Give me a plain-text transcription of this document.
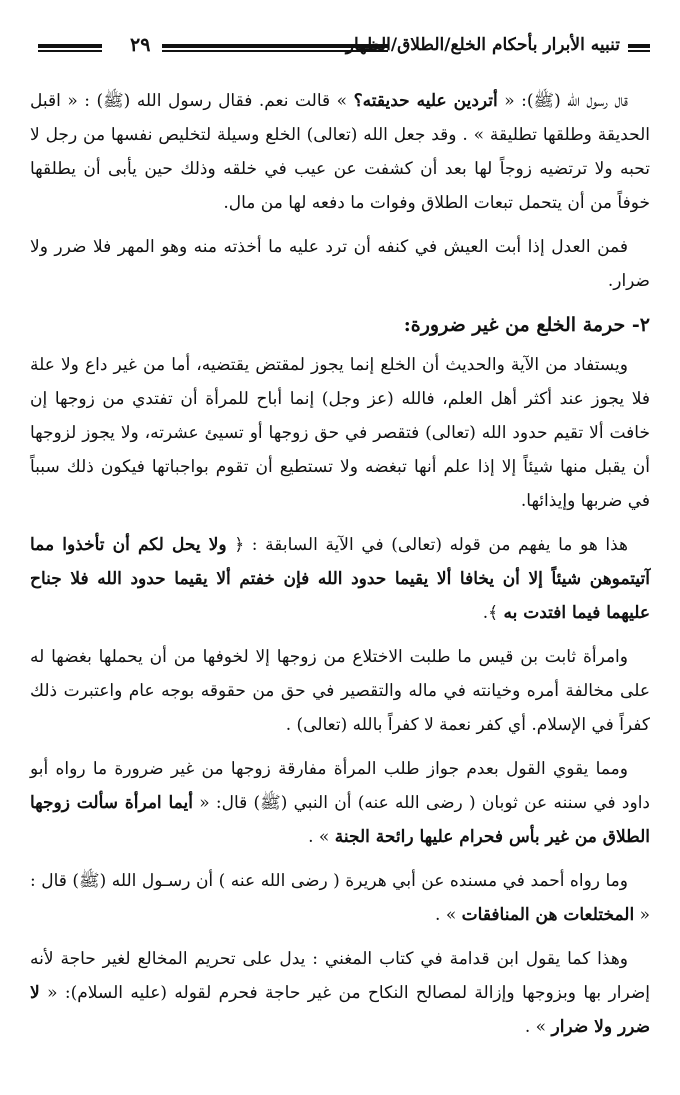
٢٩	تنبيه الأبرار بأحكام الخلع/الطلاق/الظهار

قال رسول الله (ﷺ): « أتردين عليه حديقته؟ » قالت نعم. فقال رسول الله (ﷺ) : « اقبل الحديقة وطلقها تطليقة » . وقد جعل الله (تعالى) الخلع وسيلة لتخليص نفسها من رجل لا تحبه ولا ترتضيه زوجاً لها بعد أن كشفت عن عيب في خلقه وذلك حين يأبى أن يطلقها خوفاً من أن يتحمل تبعات الطلاق وفوات ما دفعه لها من مال.

فمن العدل إذا أبت العيش في كنفه أن ترد عليه ما أخذته منه وهو المهر فلا ضرر ولا ضرار.

٢- حرمة الخلع من غير ضرورة:

ويستفاد من الآية والحديث أن الخلع إنما يجوز لمقتض يقتضيه، أما من غير داع ولا علة فلا يجوز عند أكثر أهل العلم، فالله (عز وجل) إنما أباح للمرأة أن تفتدي من زوجها إن خافت ألا تقيم حدود الله (تعالى) فتقصر في حق زوجها أو تسيئ عشرته، ولا يجوز لزوجها أن يقبل منها شيئاً إلا إذا علم أنها تبغضه ولا تستطيع أن تقوم بواجباتها فيكون ذلك سبباً في ضربها وإيذائها.

هذا هو ما يفهم من قوله (تعالى) في الآية السابقة : ﴿ ولا يحل لكم أن تأخذوا مما آتيتموهن شيئاً إلا أن يخافا ألا يقيما حدود الله فإن خفتم ألا يقيما حدود الله فلا جناح عليهما فيما افتدت به ﴾.

وامرأة ثابت بن قيس ما طلبت الاختلاع من زوجها إلا لخوفها من أن يحملها بغضها له على مخالفة أمره وخيانته في ماله والتقصير في حق من حقوقه بوجه عام واعتبرت ذلك كفراً في الإسلام. أي كفر نعمة لا كفراً بالله (تعالى) .

ومما يقوي القول بعدم جواز طلب المرأة مفارقة زوجها من غير ضرورة ما رواه أبو داود في سننه عن ثوبان ( رضى الله عنه) أن النبي (ﷺ) قال: « أيما امرأة سألت زوجها الطلاق من غير بأس فحرام عليها رائحة الجنة » .

وما رواه أحمد في مسنده عن أبي هريرة ( رضى الله عنه ) أن رسـول الله (ﷺ) قال : « المختلعات هن المنافقات » .

وهذا كما يقول ابن قدامة في كتاب المغني : يدل على تحريم المخالع لغير حاجة لأنه إضرار بها وبزوجها وإزالة لمصالح النكاح من غير حاجة فحرم لقوله (عليه السلام): « لا ضرر ولا ضرار » .
